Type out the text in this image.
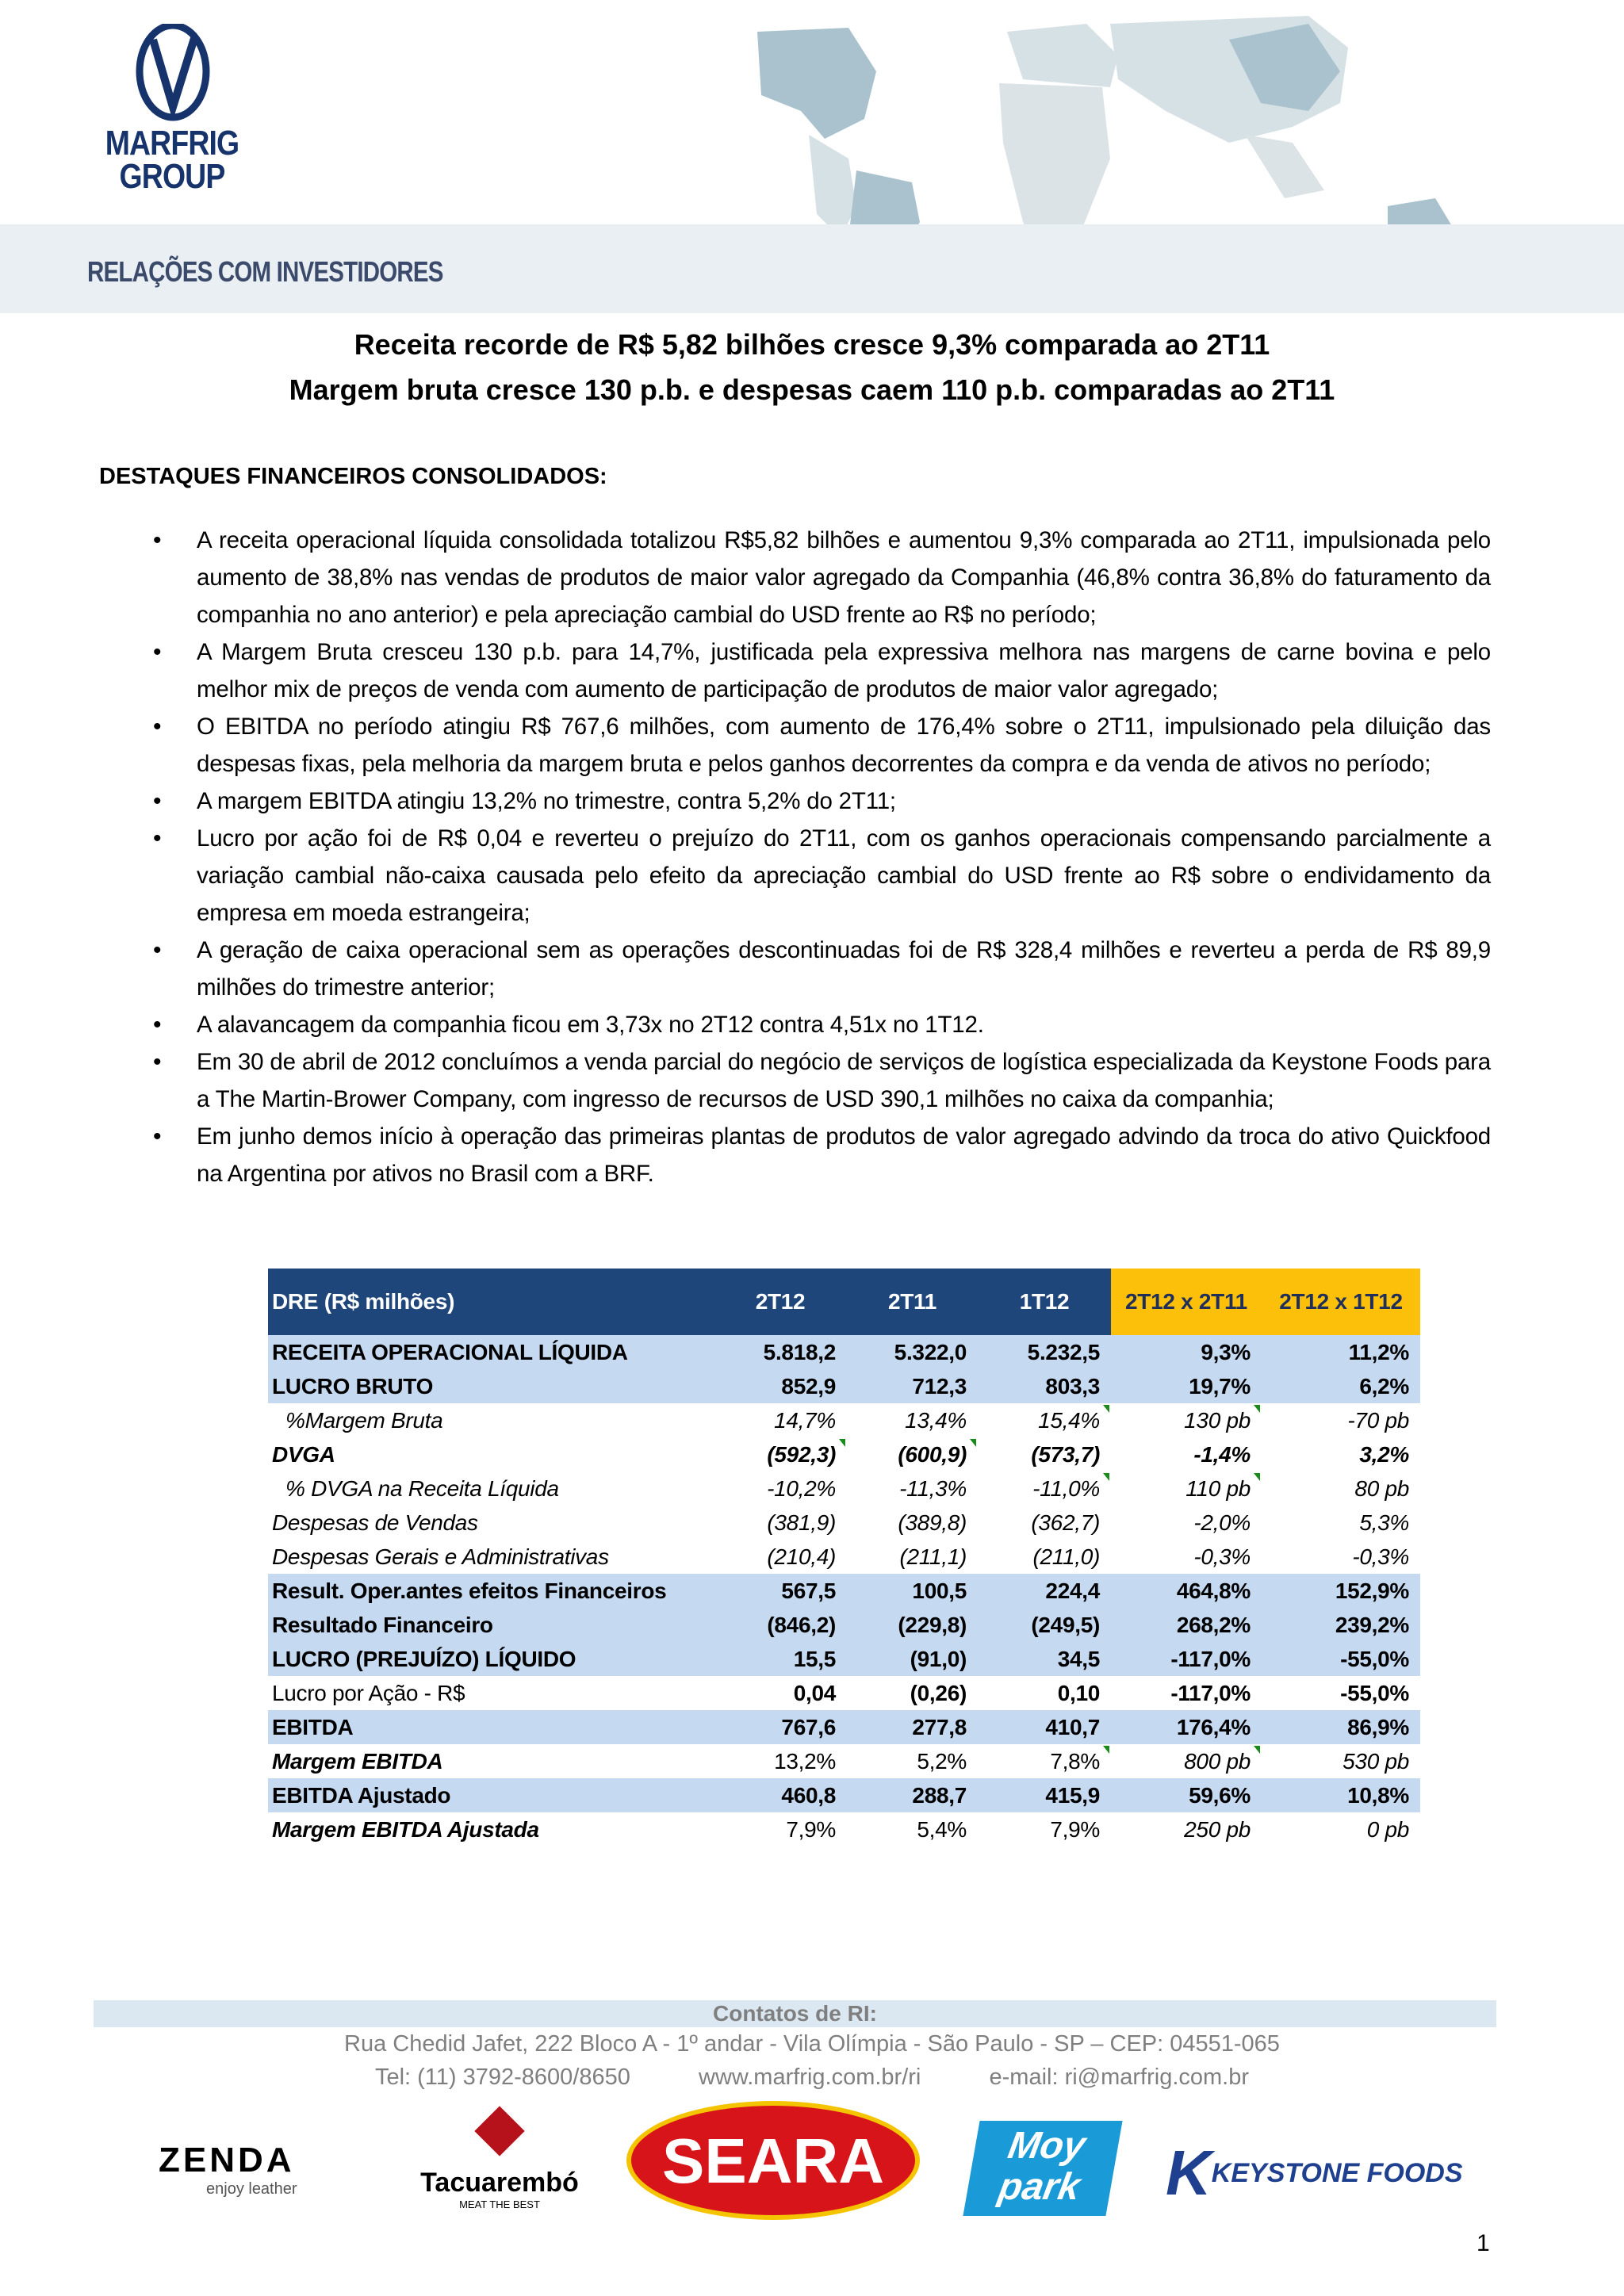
MARFRIG
GROUP
RELAÇÕES COM INVESTIDORES
Receita recorde de R$ 5,82 bilhões cresce 9,3% comparada ao 2T11
Margem bruta cresce 130 p.b. e despesas caem 110 p.b. comparadas ao 2T11
DESTAQUES FINANCEIROS CONSOLIDADOS:
• A receita operacional líquida consolidada totalizou R$5,82 bilhões e aumentou 9,3% comparada ao 2T11, impulsionada pelo aumento de 38,8% nas vendas de produtos de maior valor agregado da Companhia (46,8% contra 36,8% do faturamento da companhia no ano anterior) e pela apreciação cambial do USD frente ao R$ no período;
• A Margem Bruta cresceu 130 p.b. para 14,7%, justificada pela expressiva melhora nas margens de carne bovina e pelo melhor mix de preços de venda com aumento de participação de produtos de maior valor agregado;
• O EBITDA no período atingiu R$ 767,6 milhões, com aumento de 176,4% sobre o 2T11, impulsionado pela diluição das despesas fixas, pela melhoria da margem bruta e pelos ganhos decorrentes da compra e da venda de ativos no período;
• A margem EBITDA atingiu 13,2% no trimestre, contra 5,2% do 2T11;
• Lucro por ação foi de R$ 0,04 e reverteu o prejuízo do 2T11, com os ganhos operacionais compensando parcialmente a variação cambial não-caixa causada pelo efeito da apreciação cambial do USD frente ao R$ sobre o endividamento da empresa em moeda estrangeira;
• A geração de caixa operacional sem as operações descontinuadas foi de R$ 328,4 milhões e reverteu a perda de R$ 89,9 milhões do trimestre anterior;
• A alavancagem da companhia ficou em 3,73x no 2T12 contra 4,51x no 1T12.
• Em 30 de abril de 2012 concluímos a venda parcial do negócio de serviços de logística especializada da Keystone Foods para a The Martin-Brower Company, com ingresso de recursos de USD 390,1 milhões no caixa da companhia;
• Em junho demos início à operação das primeiras plantas de produtos de valor agregado advindo da troca do ativo Quickfood na Argentina por ativos no Brasil com a BRF.
DRE (R$ milhões)	2T12	2T11	1T12	2T12 x 2T11	2T12 x 1T12
RECEITA OPERACIONAL LÍQUIDA	5.818,2	5.322,0	5.232,5	9,3%	11,2%
LUCRO BRUTO	852,9	712,3	803,3	19,7%	6,2%
%Margem Bruta	14,7%	13,4%	15,4%	130 pb	-70 pb
DVGA	(592,3)	(600,9)	(573,7)	-1,4%	3,2%
% DVGA na Receita Líquida	-10,2%	-11,3%	-11,0%	110 pb	80 pb
Despesas de Vendas	(381,9)	(389,8)	(362,7)	-2,0%	5,3%
Despesas Gerais e Administrativas	(210,4)	(211,1)	(211,0)	-0,3%	-0,3%
Result. Oper.antes efeitos Financeiros	567,5	100,5	224,4	464,8%	152,9%
Resultado Financeiro	(846,2)	(229,8)	(249,5)	268,2%	239,2%
LUCRO (PREJUÍZO) LÍQUIDO	15,5	(91,0)	34,5	-117,0%	-55,0%
Lucro por Ação - R$	0,04	(0,26)	0,10	-117,0%	-55,0%
EBITDA	767,6	277,8	410,7	176,4%	86,9%
Margem EBITDA	13,2%	5,2%	7,8%	800 pb	530 pb
EBITDA Ajustado	460,8	288,7	415,9	59,6%	10,8%
Margem EBITDA Ajustada	7,9%	5,4%	7,9%	250 pb	0 pb
Contatos de RI:
Rua Chedid Jafet, 222 Bloco A - 1º andar - Vila Olímpia - São Paulo - SP – CEP: 04551-065
Tel: (11) 3792-8600/8650	www.marfrig.com.br/ri	e-mail: ri@marfrig.com.br
ZENDA
enjoy leather	Tacuarembó
MEAT THE BEST
SEARA	Moy
park	K KEYSTONE FOODS
1
